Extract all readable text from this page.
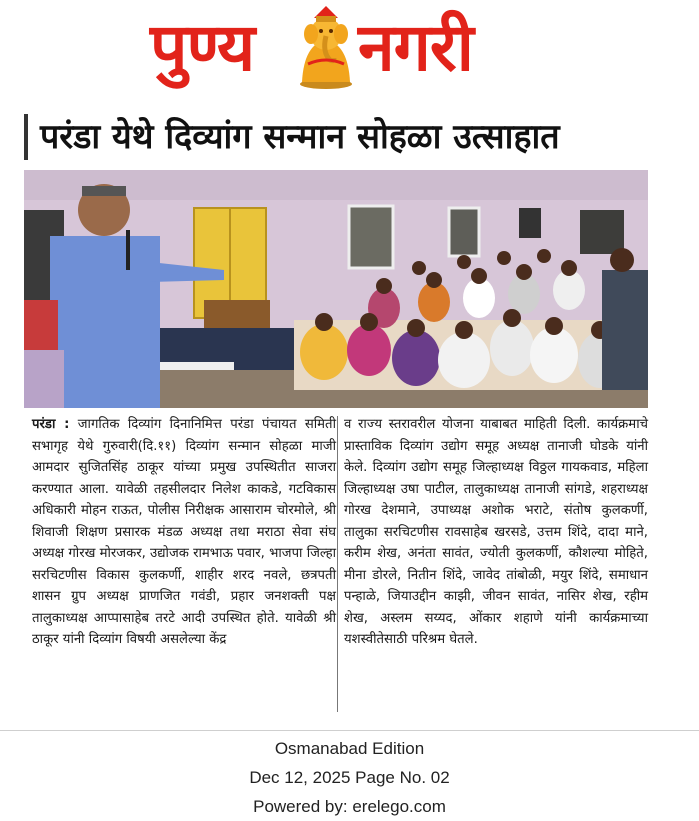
पुण्य नगरी
परंडा येथे दिव्यांग सन्मान सोहळा उत्साहात
परंडा : जागतिक दिव्यांग दिनानिमित्त परंडा पंचायत समिती सभागृह येथे गुरुवारी(दि.११) दिव्यांग सन्मान सोहळा माजी आमदार सुजितसिंह ठाकूर यांच्या प्रमुख उपस्थितीत साजरा करण्यात आला. यावेळी तहसीलदार निलेश काकडे, गटविकास अधिकारी मोहन राऊत, पोलीस निरीक्षक आसाराम चोरमोले, श्री शिवाजी शिक्षण प्रसारक मंडळ अध्यक्ष तथा मराठा सेवा संघ अध्यक्ष गोरख मोरजकर, उद्योजक रामभाऊ पवार, भाजपा जिल्हा सरचिटणीस विकास कुलकर्णी, शाहीर शरद नवले, छत्रपती शासन ग्रुप अध्यक्ष प्राणजित गवंडी, प्रहार जनशक्ती पक्ष तालुकाध्यक्ष आप्पासाहेब तरटे आदी उपस्थित होते. यावेळी श्री ठाकूर यांनी दिव्यांग विषयी असलेल्या केंद्र
व राज्य स्तरावरील योजना याबाबत माहिती दिली. कार्यक्रमाचे प्रास्ताविक दिव्यांग उद्योग समूह अध्यक्ष तानाजी घोडके यांनी केले. दिव्यांग उद्योग समूह जिल्हाध्यक्ष विठ्ठल गायकवाड, महिला जिल्हाध्यक्ष उषा पाटील, तालुकाध्यक्ष तानाजी सांगडे, शहराध्यक्ष गोरख देशमाने, उपाध्यक्ष अशोक भराटे, संतोष कुलकर्णी, तालुका सरचिटणीस रावसाहेब खरसडे, उत्तम शिंदे, दादा माने, करीम शेख, अनंता सावंत, ज्योती कुलकर्णी, कौशल्या मोहिते, मीना डोरले, नितीन शिंदे, जावेद तांबोळी, मयुर शिंदे, समाधान पन्हाळे, जियाउद्दीन काझी, जीवन सावंत, नासिर शेख, रहीम शेख, अस्लम सय्यद, ओंकार शहाणे यांनी कार्यक्रमाच्या यशस्वीतेसाठी परिश्रम घेतले.
Osmanabad Edition
Dec 12, 2025 Page No. 02
Powered by: erelego.com
